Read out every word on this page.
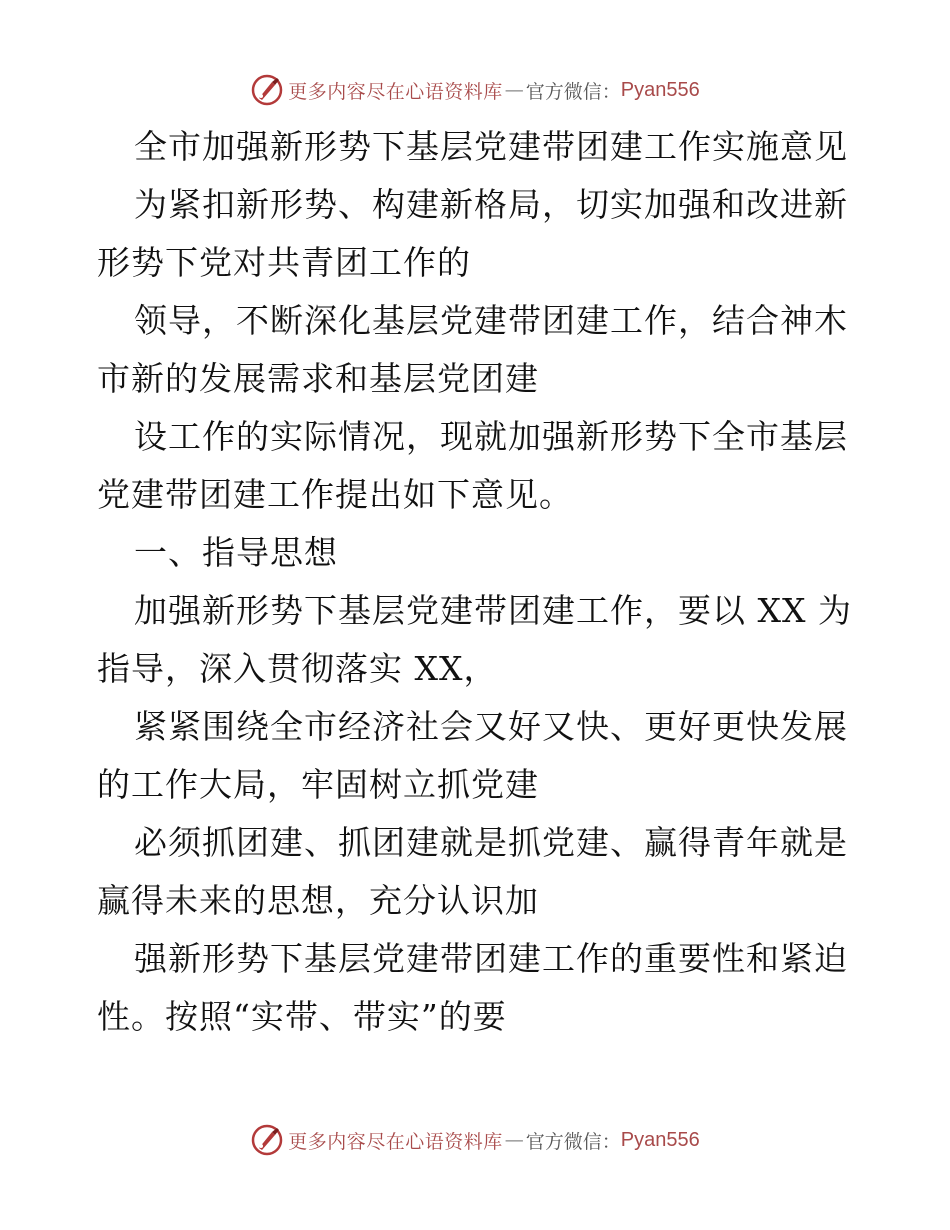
更多内容尽在心语资料库 — 官方微信： Pyan556
全市加强新形势下基层党建带团建工作实施意见
为紧扣新形势、构建新格局，切实加强和改进新
形势下党对共青团工作的
领导，不断深化基层党建带团建工作，结合神木
市新的发展需求和基层党团建
设工作的实际情况，现就加强新形势下全市基层
党建带团建工作提出如下意见。
一、指导思想
加强新形势下基层党建带团建工作，要以 XX 为
指导，深入贯彻落实 XX，
紧紧围绕全市经济社会又好又快、更好更快发展
的工作大局，牢固树立抓党建
必须抓团建、抓团建就是抓党建、赢得青年就是
赢得未来的思想，充分认识加
强新形势下基层党建带团建工作的重要性和紧迫
性。按照“实带、带实”的要
更多内容尽在心语资料库 — 官方微信： Pyan556
